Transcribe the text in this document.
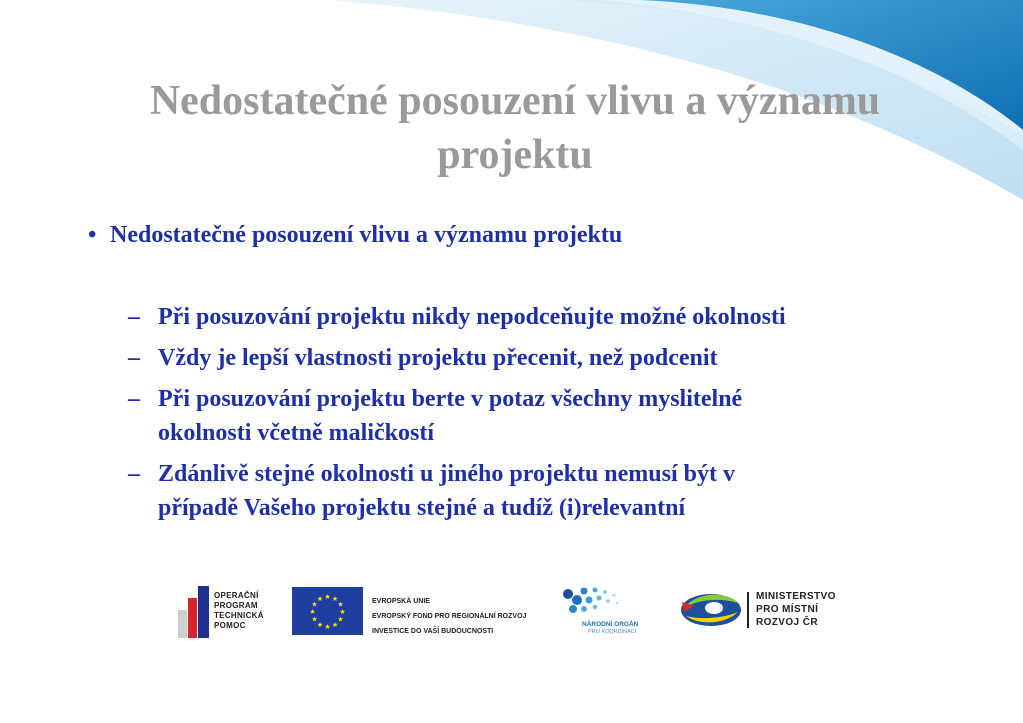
Nedostatečné posouzení vlivu a významu
projektu
• Nedostatečné posouzení vlivu a významu projektu
– Při posuzování projektu nikdy nepodceňujte možné okolnosti
– Vždy je lepší vlastnosti projektu přecenit, než podcenit
– Při posuzování projektu berte v potaz všechny myslitelné
okolnosti včetně maličkostí
– Zdánlivě stejné okolnosti u jiného projektu nemusí být v
případě Vašeho projektu stejné a tudíž (i)relevantní
OPERAČNÍ
PROGRAM
TECHNICKÁ
POMOC
★ ★
★
★
★
★
★
★
★
★
★
★	EVROPSKÁ UNIE
EVROPSKÝ FOND PRO REGIONÁLNÍ ROZVOJ
INVESTICE DO VAŠÍ BUDOUCNOSTI
NÁRODNÍ ORGÁN
PRO KOORDINACI
MINISTERSTVO
PRO MÍSTNÍ
ROZVOJ ČR
